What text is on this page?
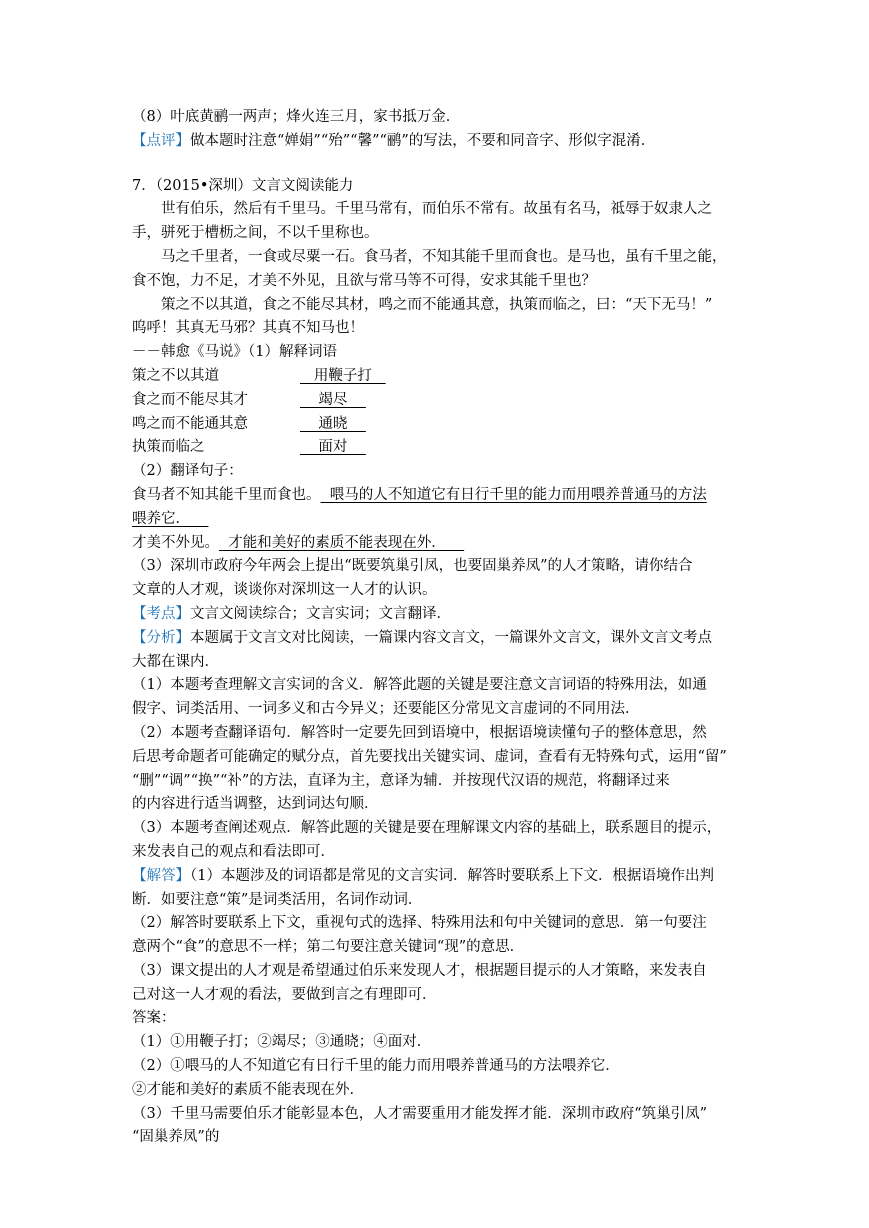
（8）叶底黄鹂一两声；烽火连三月，家书抵万金．
【点评】做本题时注意“婵娟”“殆”“馨”“鹂”的写法，不要和同音字、形似字混淆．
7．（2015•深圳）文言文阅读能力
世有伯乐，然后有千里马。千里马常有，而伯乐不常有。故虽有名马，祗辱于奴隶人之
手，骈死于槽枥之间，不以千里称也。
马之千里者，一食或尽粟一石。食马者，不知其能千里而食也。是马也，虽有千里之能，
食不饱，力不足，才美不外见，且欲与常马等不可得，安求其能千里也？
策之不以其道，食之不能尽其材，鸣之而不能通其意，执策而临之，曰：“天下无马！”
呜呼！其真无马邪？其真不知马也！
－－韩愈《马说》（1）解释词语
策之不以其道	用鞭子打
食之而不能尽其才	竭尽
鸣之而不能通其意	通晓
执策而临之	面对
（2）翻译句子：
食马者不知其能千里而食也。  喂马的人不知道它有日行千里的能力而用喂养普通马的方法
喂养它．
才美不外见。  才能和美好的素质不能表现在外．
（3）深圳市政府今年两会上提出“既要筑巢引凤，也要固巢养凤”的人才策略，请你结合
文章的人才观，谈谈你对深圳这一人才的认识。
【考点】文言文阅读综合；文言实词；文言翻译．
【分析】本题属于文言文对比阅读，一篇课内容文言文，一篇课外文言文，课外文言文考点
大都在课内．
（1）本题考查理解文言实词的含义．解答此题的关键是要注意文言词语的特殊用法，如通
假字、词类活用、一词多义和古今异义；还要能区分常见文言虚词的不同用法．
（2）本题考查翻译语句．解答时一定要先回到语境中，根据语境读懂句子的整体意思，然
后思考命题者可能确定的赋分点，首先要找出关键实词、虚词，查看有无特殊句式，运用“留”
“删”“调”“换”“补”的方法，直译为主，意译为辅．并按现代汉语的规范，将翻译过来
的内容进行适当调整，达到词达句顺．
（3）本题考查阐述观点．解答此题的关键是要在理解课文内容的基础上，联系题目的提示，
来发表自己的观点和看法即可．
【解答】（1）本题涉及的词语都是常见的文言实词．解答时要联系上下文．根据语境作出判
断．如要注意“策”是词类活用，名词作动词．
（2）解答时要联系上下文，重视句式的选择、特殊用法和句中关键词的意思．第一句要注
意两个“食”的意思不一样；第二句要注意关键词“现”的意思．
（3）课文提出的人才观是希望通过伯乐来发现人才，根据题目提示的人才策略，来发表自
己对这一人才观的看法，要做到言之有理即可．
答案：
（1）①用鞭子打；②竭尽；③通晓；④面对．
（2）①喂马的人不知道它有日行千里的能力而用喂养普通马的方法喂养它．
②才能和美好的素质不能表现在外．
（3）千里马需要伯乐才能彰显本色，人才需要重用才能发挥才能．深圳市政府“筑巢引凤”
“固巢养凤”的
